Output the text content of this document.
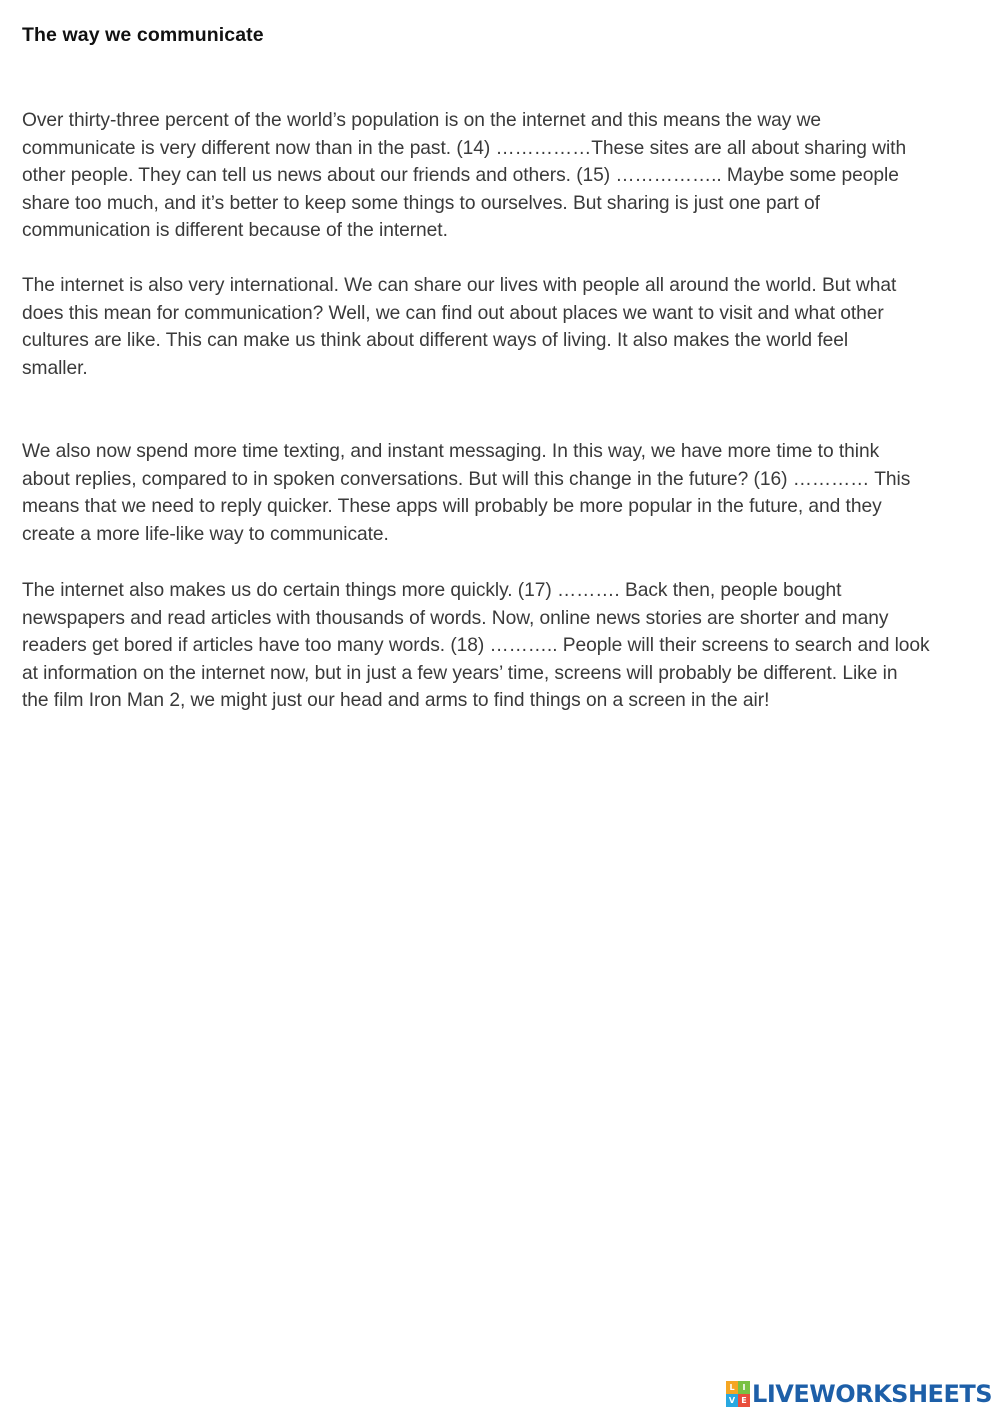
The way we communicate

Over thirty-three percent of the world’s population is on the internet and this means the way we
communicate is very different now than in the past. (14) ……………These sites are all about sharing with
other people. They can tell us news about our friends and others. (15) …………….. Maybe some people
share too much, and it’s better to keep some things to ourselves. But sharing is just one part of
communication is different because of the internet.

The internet is also very international. We can share our lives with people all around the world. But what
does this mean for communication? Well, we can find out about places we want to visit and what other
cultures are like. This can make us think about different ways of living. It also makes the world feel
smaller.

We also now spend more time texting, and instant messaging. In this way, we have more time to think
about replies, compared to in spoken conversations. But will this change in the future? (16) ………… This
means that we need to reply quicker. These apps will probably be more popular in the future, and they
create a more life-like way to communicate.

The internet also makes us do certain things more quickly. (17) ………. Back then, people bought
newspapers and read articles with thousands of words. Now, online news stories are shorter and many
readers get bored if articles have too many words. (18) ……….. People will their screens to search and look
at information on the internet now, but in just a few years’ time, screens will probably be different. Like in
the film Iron Man 2, we might just our head and arms to find things on a screen in the air!

L I
V E LIVEWORKSHEETS
